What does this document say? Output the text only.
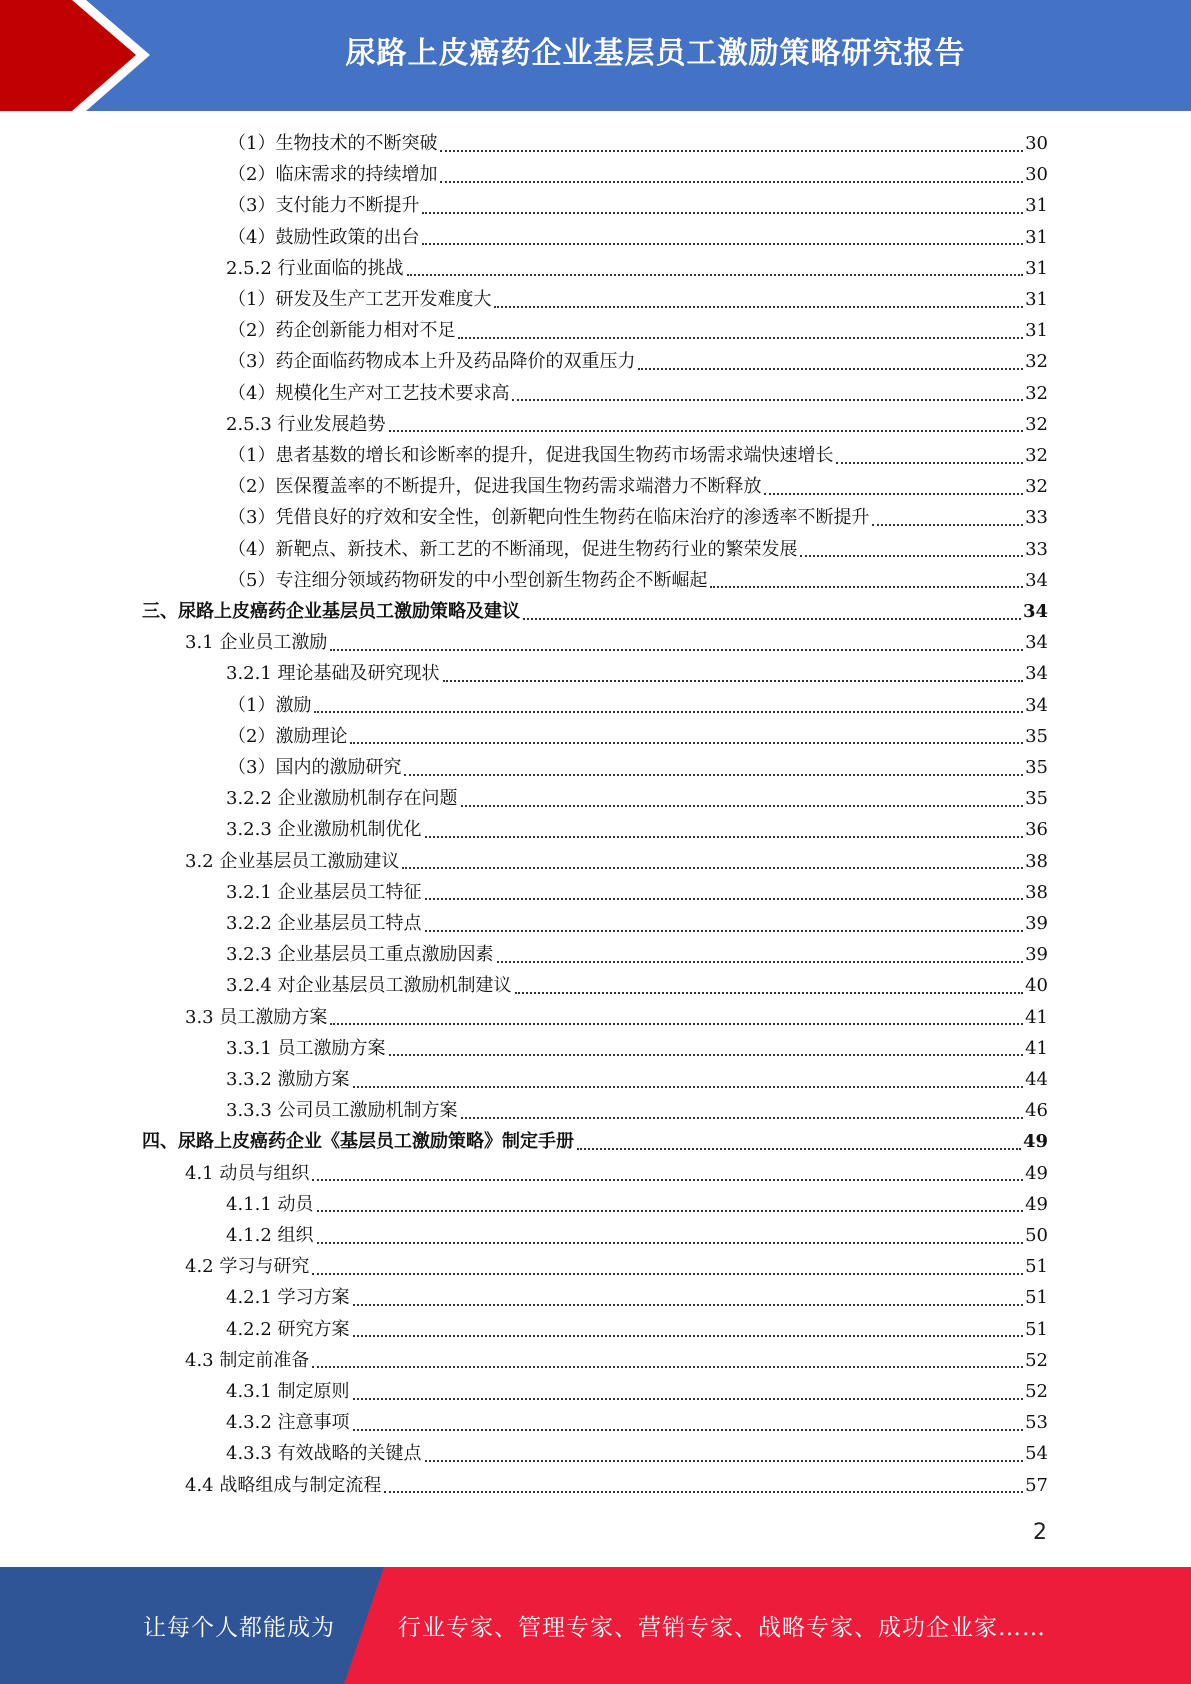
尿路上皮癌药企业基层员工激励策略研究报告
（1）生物技术的不断突破	30
（2）临床需求的持续增加	30
（3）支付能力不断提升	31
（4）鼓励性政策的出台	31
2.5.2 行业面临的挑战	31
（1）研发及生产工艺开发难度大	31
（2）药企创新能力相对不足	31
（3）药企面临药物成本上升及药品降价的双重压力	32
（4）规模化生产对工艺技术要求高	32
2.5.3 行业发展趋势	32
（1）患者基数的增长和诊断率的提升，促进我国生物药市场需求端快速增长	32
（2）医保覆盖率的不断提升，促进我国生物药需求端潜力不断释放	32
（3）凭借良好的疗效和安全性，创新靶向性生物药在临床治疗的渗透率不断提升	33
（4）新靶点、新技术、新工艺的不断涌现，促进生物药行业的繁荣发展	33
（5）专注细分领域药物研发的中小型创新生物药企不断崛起	34
三、尿路上皮癌药企业基层员工激励策略及建议	34
3.1 企业员工激励	34
3.2.1 理论基础及研究现状	34
（1）激励	34
（2）激励理论	35
（3）国内的激励研究	35
3.2.2 企业激励机制存在问题	35
3.2.3 企业激励机制优化	36
3.2 企业基层员工激励建议	38
3.2.1 企业基层员工特征	38
3.2.2 企业基层员工特点	39
3.2.3 企业基层员工重点激励因素	39
3.2.4 对企业基层员工激励机制建议	40
3.3 员工激励方案	41
3.3.1 员工激励方案	41
3.3.2 激励方案	44
3.3.3 公司员工激励机制方案	46
四、尿路上皮癌药企业《基层员工激励策略》制定手册	49
4.1 动员与组织	49
4.1.1 动员	49
4.1.2 组织	50
4.2 学习与研究	51
4.2.1 学习方案	51
4.2.2 研究方案	51
4.3 制定前准备	52
4.3.1 制定原则	52
4.3.2 注意事项	53
4.3.3 有效战略的关键点	54
4.4 战略组成与制定流程	57
2
让每个人都能成为	行业专家、管理专家、营销专家、战略专家、成功企业家……
